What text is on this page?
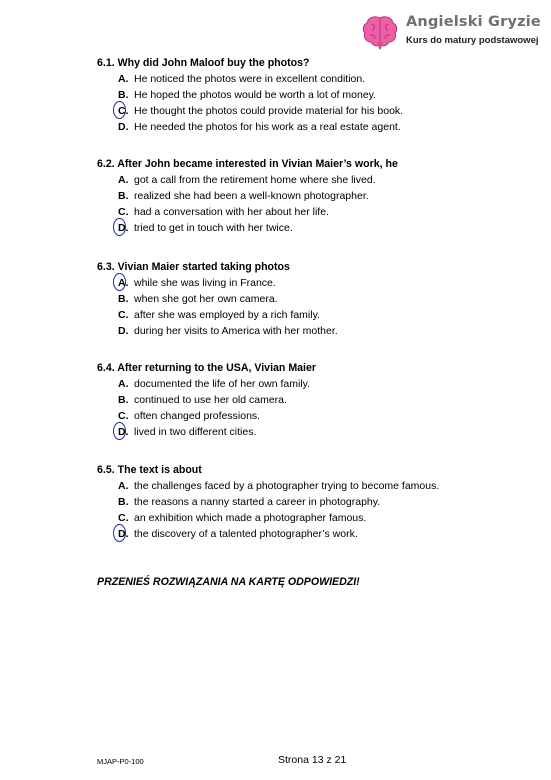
Angielski Gryzie
Kurs do matury podstawowej
6.1. Why did John Maloof buy the photos?
A. He noticed the photos were in excellent condition.
B. He hoped the photos would be worth a lot of money.
C. He thought the photos could provide material for his book.
D. He needed the photos for his work as a real estate agent.
6.2. After John became interested in Vivian Maier’s work, he
A. got a call from the retirement home where she lived.
B. realized she had been a well-known photographer.
C. had a conversation with her about her life.
D. tried to get in touch with her twice.
6.3. Vivian Maier started taking photos
A. while she was living in France.
B. when she got her own camera.
C. after she was employed by a rich family.
D. during her visits to America with her mother.
6.4. After returning to the USA, Vivian Maier
A. documented the life of her own family.
B. continued to use her old camera.
C. often changed professions.
D. lived in two different cities.
6.5. The text is about
A. the challenges faced by a photographer trying to become famous.
B. the reasons a nanny started a career in photography.
C. an exhibition which made a photographer famous.
D. the discovery of a talented photographer’s work.
PRZENIEŚ ROZWIĄZANIA NA KARTĘ ODPOWIEDZI!
MJAP-P0-100	Strona 13 z 21
